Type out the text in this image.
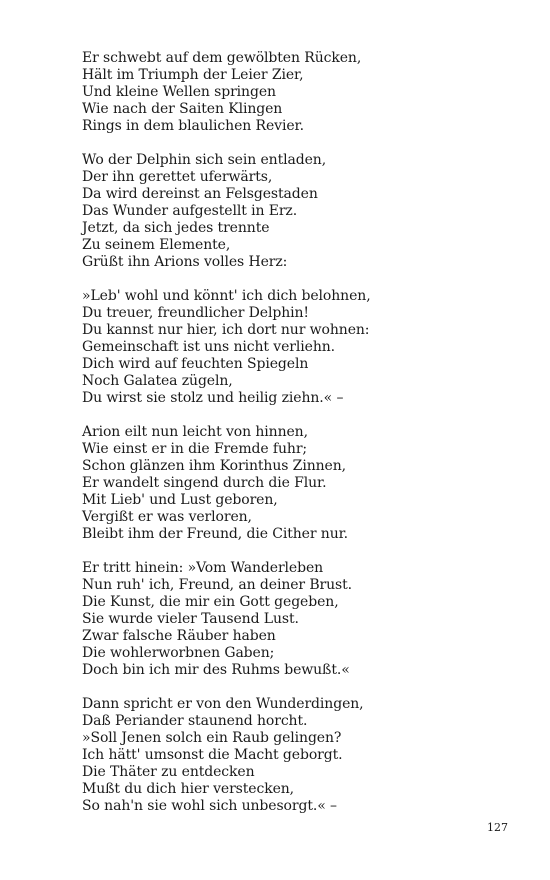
Er schwebt auf dem gewölbten Rücken,
Hält im Triumph der Leier Zier,
Und kleine Wellen springen
Wie nach der Saiten Klingen
Rings in dem blaulichen Revier.
Wo der Delphin sich sein entladen,
Der ihn gerettet uferwärts,
Da wird dereinst an Felsgestaden
Das Wunder aufgestellt in Erz.
Jetzt, da sich jedes trennte
Zu seinem Elemente,
Grüßt ihn Arions volles Herz:
»Leb' wohl und könnt' ich dich belohnen,
Du treuer, freundlicher Delphin!
Du kannst nur hier, ich dort nur wohnen:
Gemeinschaft ist uns nicht verliehn.
Dich wird auf feuchten Spiegeln
Noch Galatea zügeln,
Du wirst sie stolz und heilig ziehn.« –
Arion eilt nun leicht von hinnen,
Wie einst er in die Fremde fuhr;
Schon glänzen ihm Korinthus Zinnen,
Er wandelt singend durch die Flur.
Mit Lieb' und Lust geboren,
Vergißt er was verloren,
Bleibt ihm der Freund, die Cither nur.
Er tritt hinein: »Vom Wanderleben
Nun ruh' ich, Freund, an deiner Brust.
Die Kunst, die mir ein Gott gegeben,
Sie wurde vieler Tausend Lust.
Zwar falsche Räuber haben
Die wohlerworbnen Gaben;
Doch bin ich mir des Ruhms bewußt.«
Dann spricht er von den Wunderdingen,
Daß Periander staunend horcht.
»Soll Jenen solch ein Raub gelingen?
Ich hätt' umsonst die Macht geborgt.
Die Thäter zu entdecken
Mußt du dich hier verstecken,
So nah'n sie wohl sich unbesorgt.« –
127
